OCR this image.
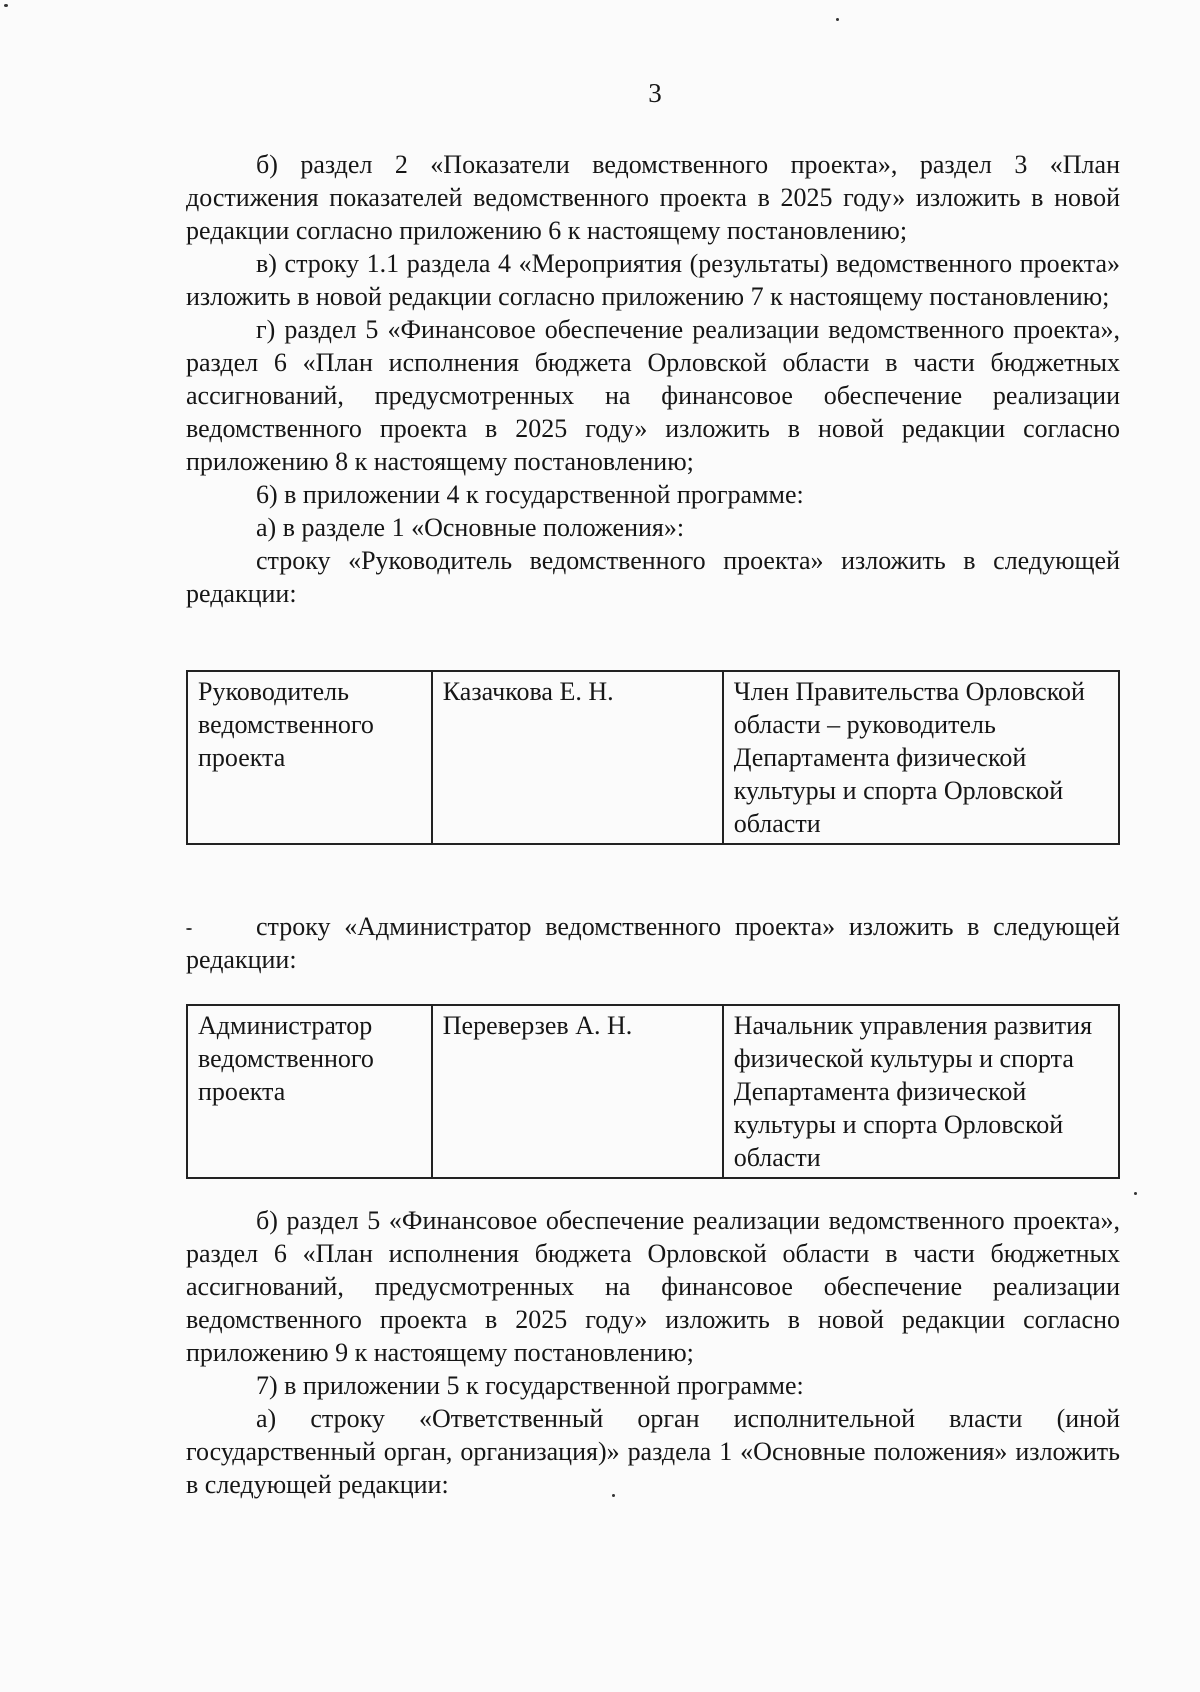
3

б) раздел 2 «Показатели ведомственного проекта», раздел 3 «План достижения показателей ведомственного проекта в 2025 году» изложить в новой редакции согласно приложению 6 к настоящему постановлению;

в) строку 1.1 раздела 4 «Мероприятия (результаты) ведомственного проекта» изложить в новой редакции согласно приложению 7 к настоящему постановлению;

г) раздел 5 «Финансовое обеспечение реализации ведомственного проекта», раздел 6 «План исполнения бюджета Орловской области в части бюджетных ассигнований, предусмотренных на финансовое обеспечение реализации ведомственного проекта в 2025 году» изложить в новой редакции согласно приложению 8 к настоящему постановлению;

6) в приложении 4 к государственной программе:

а) в разделе 1 «Основные положения»:

строку «Руководитель ведомственного проекта» изложить в следующей редакции:

Руководитель ведомственного проекта	Казачкова Е. Н.	Член Правительства Орловской области – руководитель Департамента физической культуры и спорта Орловской области

строку «Администратор ведомственного проекта» изложить в следующей редакции:

Администратор ведомственного проекта	Переверзев А. Н.	Начальник управления развития физической культуры и спорта Департамента физической культуры и спорта Орловской области

б) раздел 5 «Финансовое обеспечение реализации ведомственного проекта», раздел 6 «План исполнения бюджета Орловской области в части бюджетных ассигнований, предусмотренных на финансовое обеспечение реализации ведомственного проекта в 2025 году» изложить в новой редакции согласно приложению 9 к настоящему постановлению;

7) в приложении 5 к государственной программе:

а) строку «Ответственный орган исполнительной власти (иной государственный орган, организация)» раздела 1 «Основные положения» изложить в следующей редакции:
